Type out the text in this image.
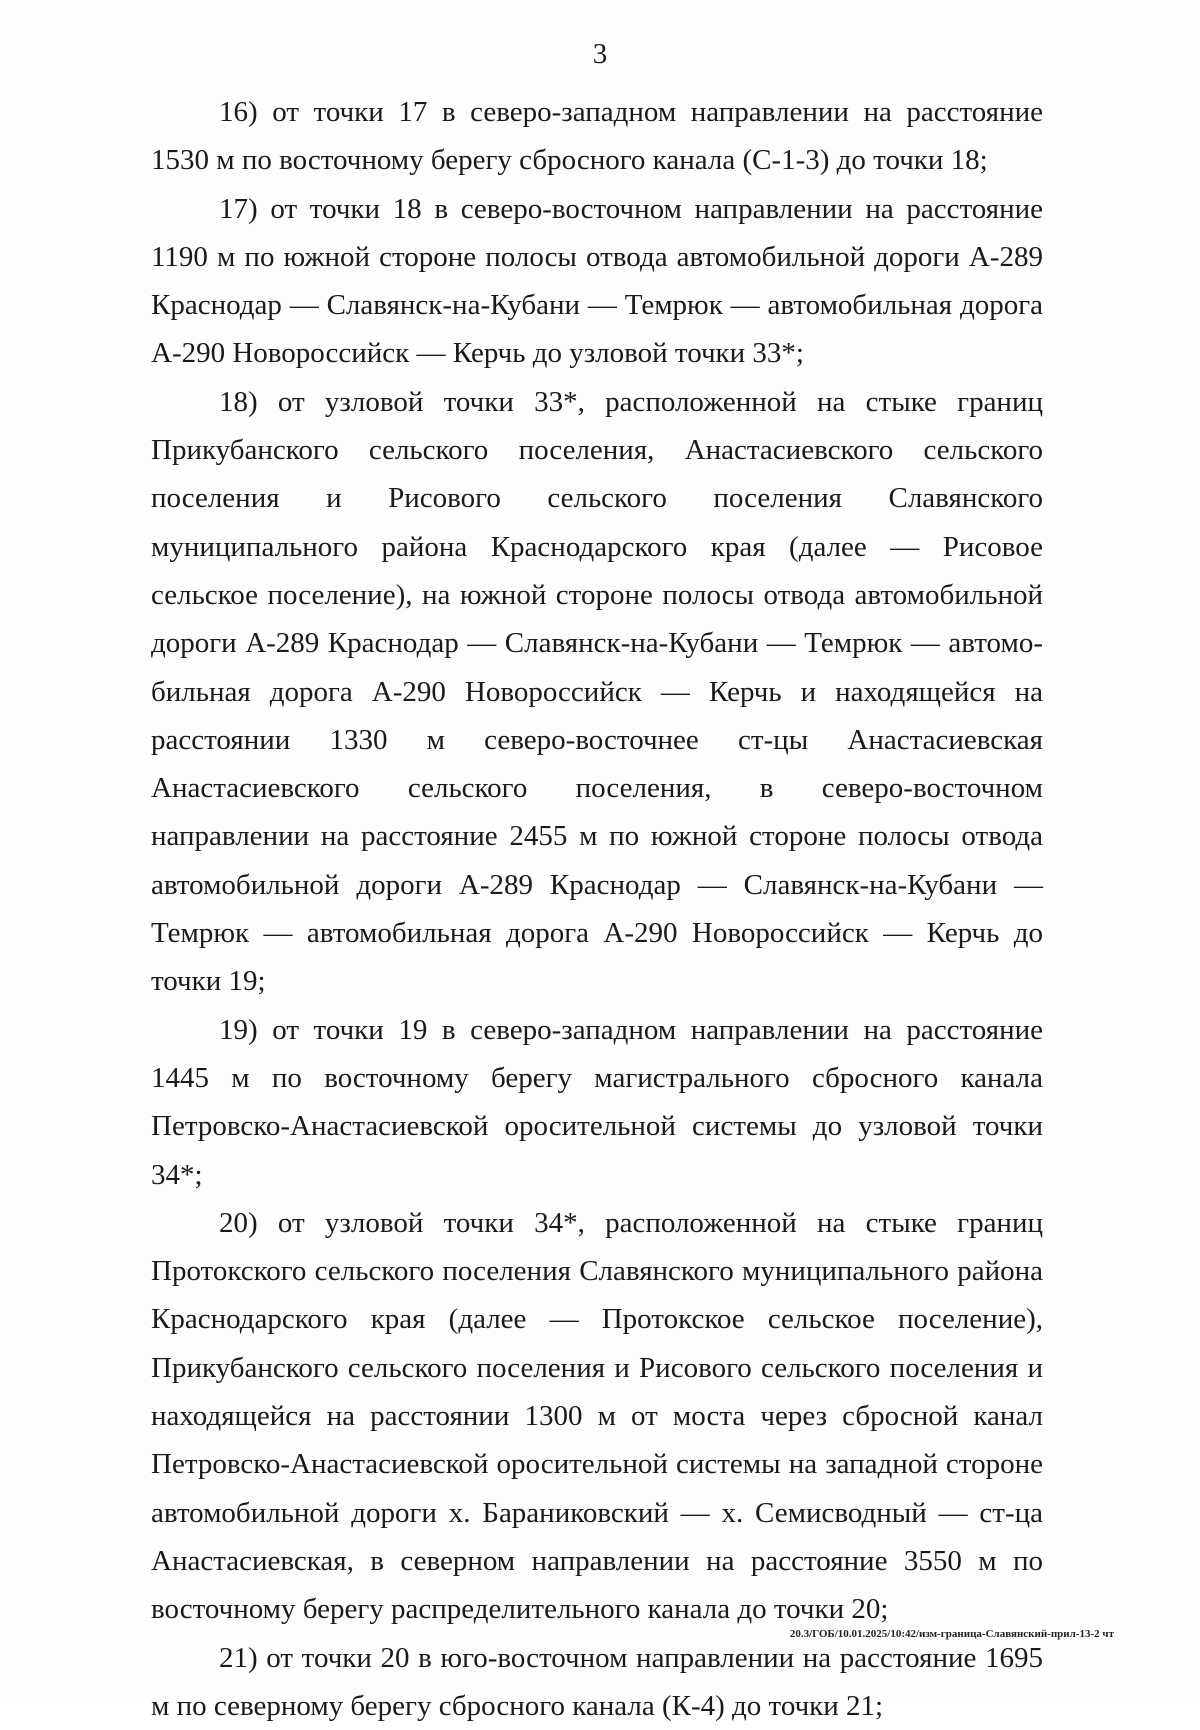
3

16) от точки 17 в северо-западном направлении на расстояние 1530 м по восточному берегу сбросного канала (С-1-3) до точки 18;

17) от точки 18 в северо-восточном направлении на расстояние 1190 м по южной стороне полосы отвода автомобильной дороги А-289 Краснодар — Славянск-на-Кубани — Темрюк — автомобильная дорога А-290 Новороссийск — Керчь до узловой точки 33*;

18) от узловой точки 33*, расположенной на стыке границ Прикубанского сельского поселения, Анастасиевского сельского поселения и Рисового сельского поселения Славянского муниципального района Краснодарского края (далее — Рисовое сельское поселение), на южной стороне полосы отвода автомобильной дороги А-289 Краснодар — Славянск-на-Кубани — Темрюк — автомобильная дорога А-290 Новороссийск — Керчь и находящейся на расстоянии 1330 м северо-восточнее ст-цы Анастасиевская Анастасиевского сельского поселения, в северо-восточном направлении на расстояние 2455 м по южной стороне полосы отвода автомобильной дороги А-289 Краснодар — Славянск-на-Кубани — Темрюк — автомобильная дорога А-290 Новороссийск — Керчь до точки 19;

19) от точки 19 в северо-западном направлении на расстояние 1445 м по восточному берегу магистрального сбросного канала Петровско-Анастасиевской оросительной системы до узловой точки 34*;

20) от узловой точки 34*, расположенной на стыке границ Протокского сельского поселения Славянского муниципального района Краснодарского края (далее — Протокское сельское поселение), Прикубанского сельского поселения и Рисового сельского поселения и находящейся на расстоянии 1300 м от моста через сбросной канал Петровско-Анастасиевской оросительной системы на западной стороне автомобильной дороги х. Бараниковский — х. Семисводный — ст-ца Анастасиевская, в северном направлении на расстояние 3550 м по восточному берегу распределительного канала до точки 20;

21) от точки 20 в юго-восточном направлении на расстояние 1695 м по северному берегу сбросного канала (К-4) до точки 21;

20.3/ГОБ/10.01.2025/10:42/изм-граница-Славянский-прил-13-2 чт
